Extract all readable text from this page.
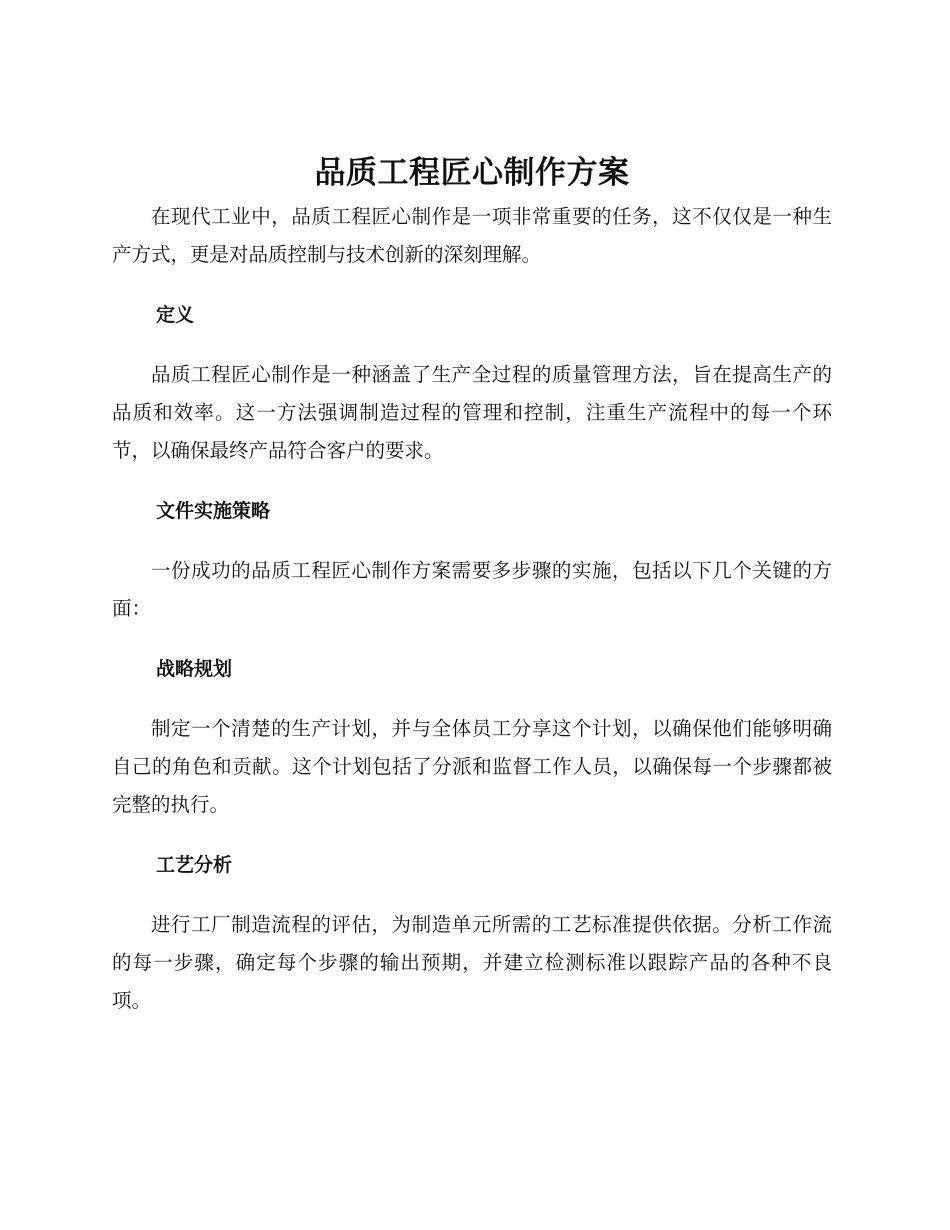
品质工程匠心制作方案

在现代工业中，品质工程匠心制作是一项非常重要的任务，这不仅仅是一种生产方式，更是对品质控制与技术创新的深刻理解。

定义

品质工程匠心制作是一种涵盖了生产全过程的质量管理方法，旨在提高生产的品质和效率。这一方法强调制造过程的管理和控制，注重生产流程中的每一个环节，以确保最终产品符合客户的要求。

文件实施策略

一份成功的品质工程匠心制作方案需要多步骤的实施，包括以下几个关键的方面：

战略规划

制定一个清楚的生产计划，并与全体员工分享这个计划，以确保他们能够明确自己的角色和贡献。这个计划包括了分派和监督工作人员，以确保每一个步骤都被完整的执行。

工艺分析

进行工厂制造流程的评估，为制造单元所需的工艺标准提供依据。分析工作流的每一步骤，确定每个步骤的输出预期，并建立检测标准以跟踪产品的各种不良项。
